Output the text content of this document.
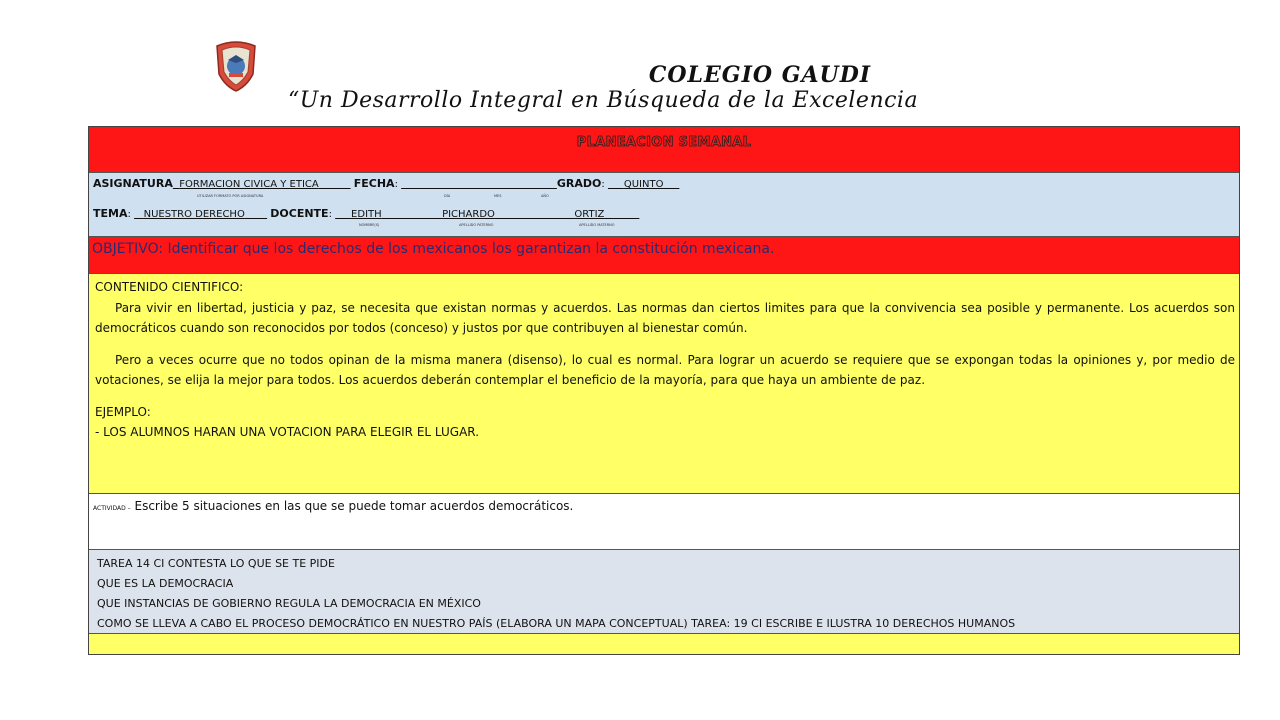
COLEGIO GAUDI
“Un Desarrollo Integral en Búsqueda de la Excelencia
PLANEACION SEMANAL
ASIGNATURA FORMACION CIVICA Y ETICA	FECHA:	GRADO:      QUINTO
UTILIZAR FORMATO POR ASIGNATURA	DÍA	MES	AÑO
TEMA:    NUESTRO DERECHO DOCENTE:      EDITH	PICHARDO	ORTIZ
NOMBRE(S)	APELLIDO PATERNO	APELLIDO MATERNO
OBJETIVO: Identificar que los derechos de los mexicanos los garantizan la constitución mexicana.

CONTENIDO CIENTIFICO:

Para vivir en libertad, justicia y paz, se necesita que existan normas y acuerdos. Las normas dan ciertos limites para que la convivencia sea posible y permanente. Los acuerdos son democráticos cuando son reconocidos por todos (conceso) y justos por que contribuyen al bienestar común.

Pero a veces ocurre que no todos opinan de la misma manera (disenso), lo cual es normal. Para lograr un acuerdo se requiere que se expongan todas la opiniones y, por medio de votaciones, se elija la mejor para todos. Los acuerdos deberán contemplar el beneficio de la mayoría, para que haya un ambiente de paz.

EJEMPLO:

- LOS ALUMNOS HARAN UNA VOTACION PARA ELEGIR EL LUGAR.

ACTIVIDAD – Escribe 5 situaciones en las que se puede tomar acuerdos democráticos.
TAREA 14 CI CONTESTA LO QUE SE TE PIDE
QUE ES LA DEMOCRACIA
QUE INSTANCIAS DE GOBIERNO REGULA LA DEMOCRACIA EN MÉXICO
COMO SE LLEVA A CABO EL PROCESO DEMOCRÁTICO EN NUESTRO PAÍS (ELABORA UN MAPA CONCEPTUAL) TAREA: 19 CI ESCRIBE E ILUSTRA 10 DERECHOS HUMANOS
